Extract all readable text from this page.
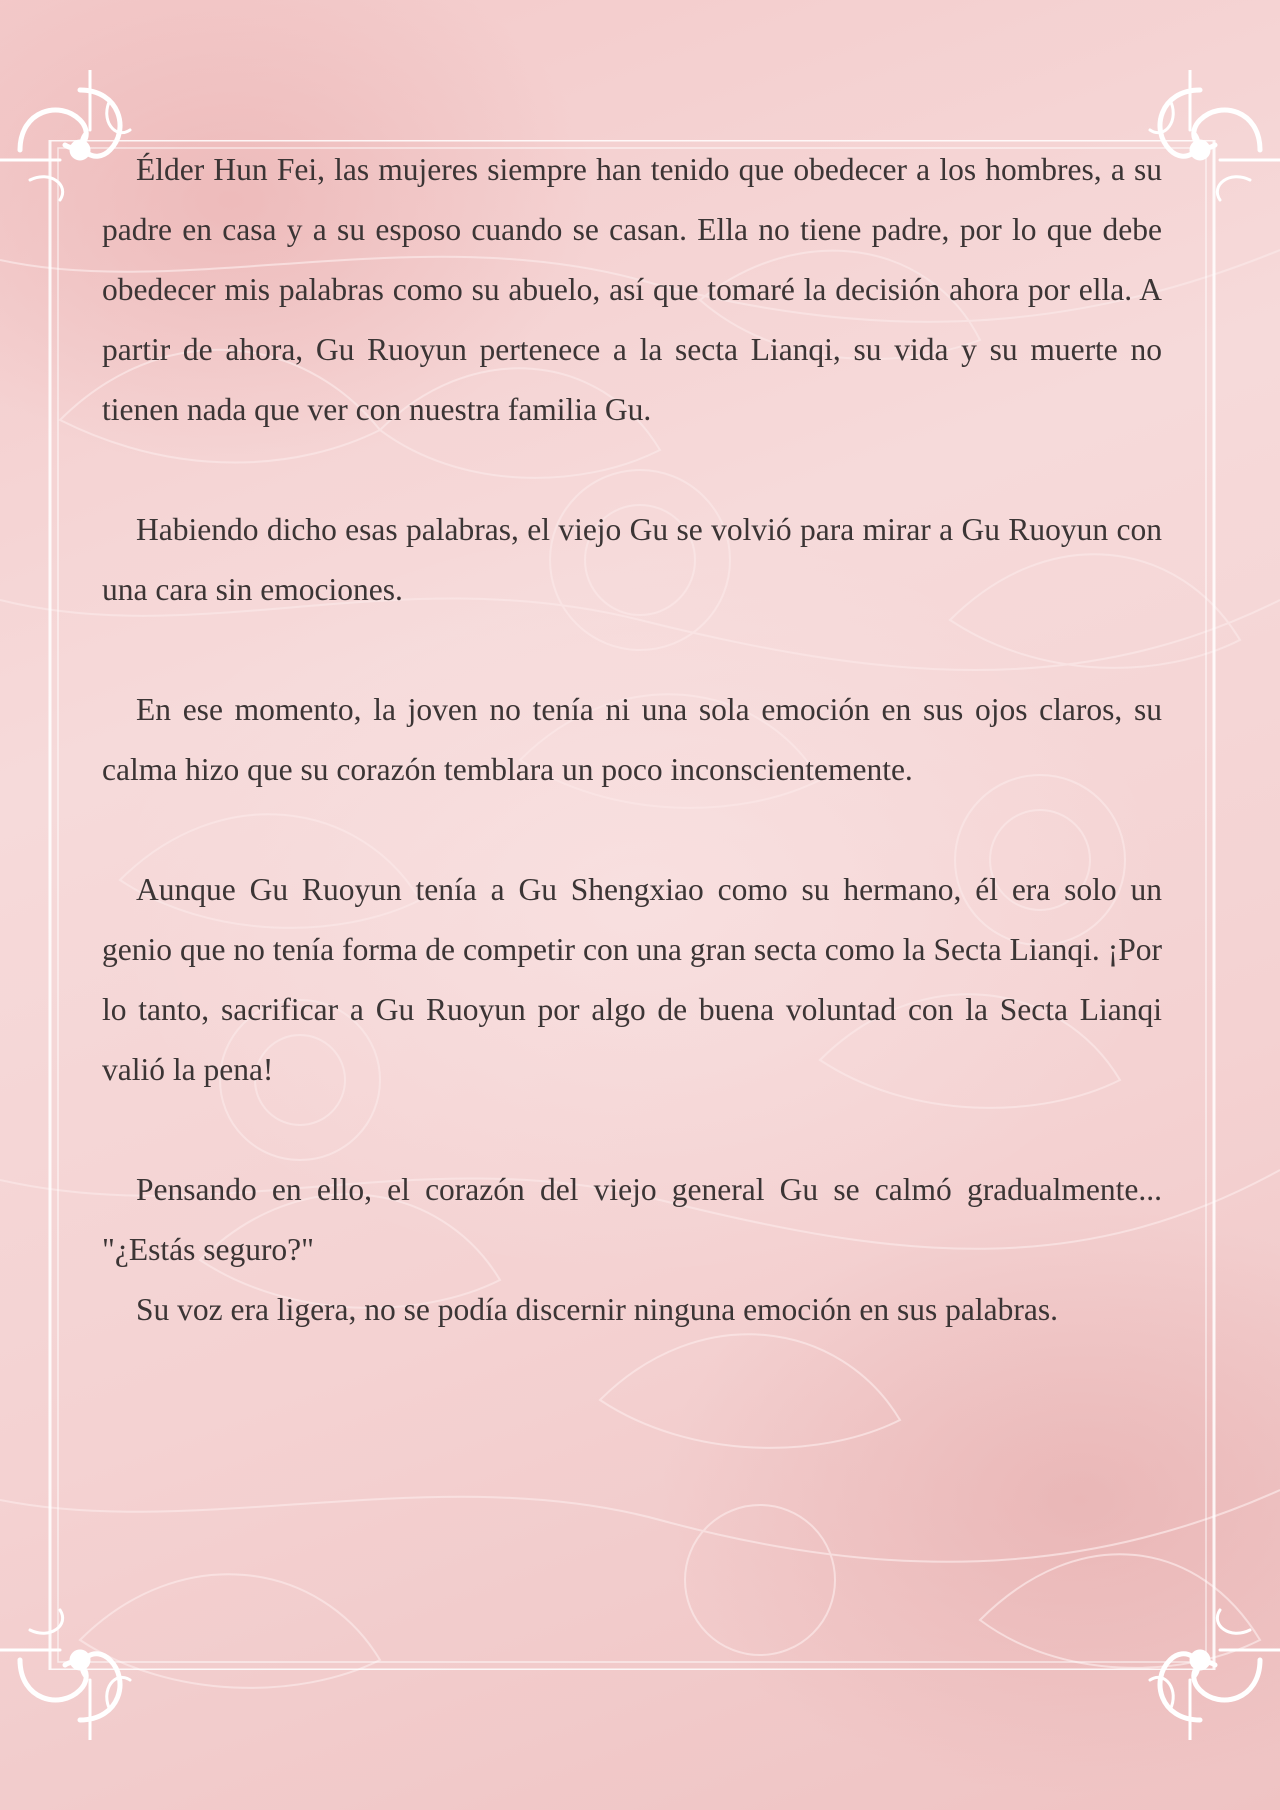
Élder Hun Fei, las mujeres siempre han tenido que obedecer a los hombres, a su padre en casa y a su esposo cuando se casan. Ella no tiene padre, por lo que debe obedecer mis palabras como su abuelo, así que tomaré la decisión ahora por ella. A partir de ahora, Gu Ruoyun pertenece a la secta Lianqi, su vida y su muerte no tienen nada que ver con nuestra familia Gu.

Habiendo dicho esas palabras, el viejo Gu se volvió para mirar a Gu Ruoyun con una cara sin emociones.

En ese momento, la joven no tenía ni una sola emoción en sus ojos claros, su calma hizo que su corazón temblara un poco inconscientemente.

Aunque Gu Ruoyun tenía a Gu Shengxiao como su hermano, él era solo un genio que no tenía forma de competir con una gran secta como la Secta Lianqi. ¡Por lo tanto, sacrificar a Gu Ruoyun por algo de buena voluntad con la Secta Lianqi valió la pena!

Pensando en ello, el corazón del viejo general Gu se calmó gradualmente... "¿Estás seguro?"

Su voz era ligera, no se podía discernir ninguna emoción en sus palabras.
